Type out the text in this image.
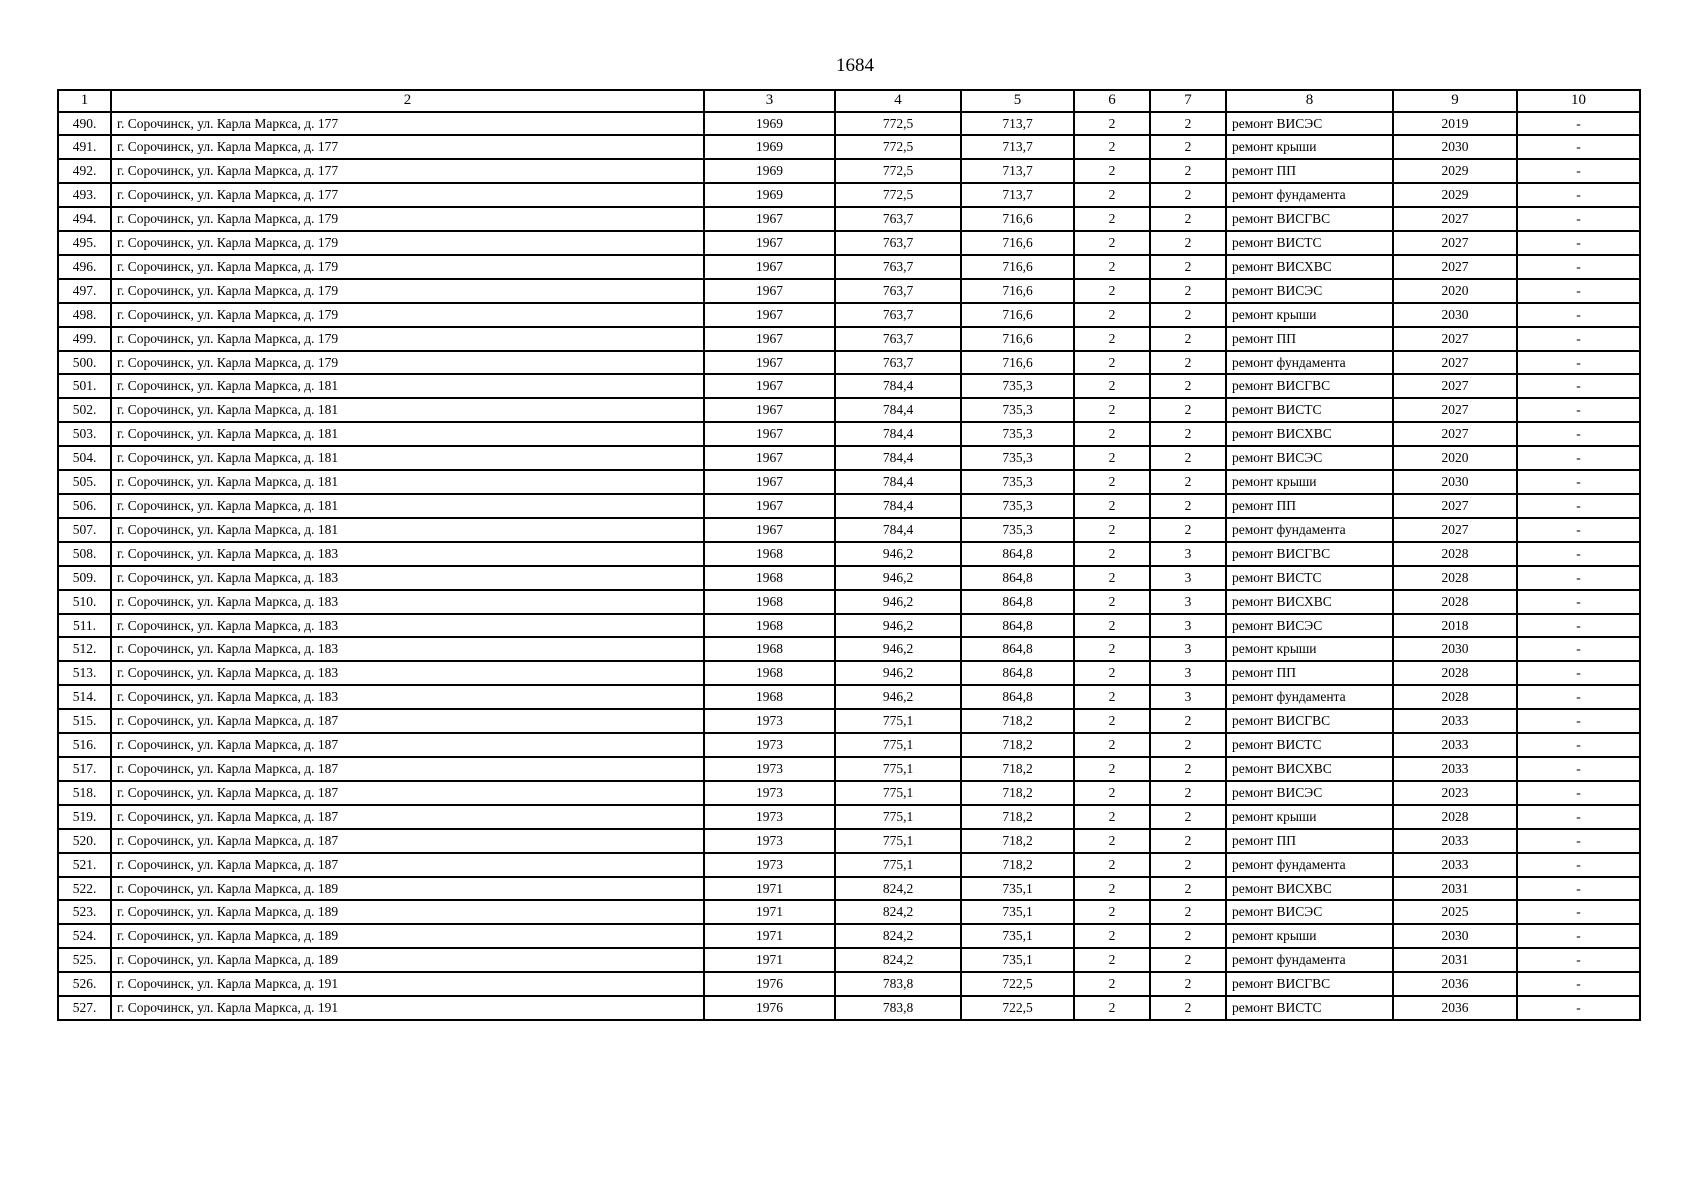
1684
1	2	3	4	5	6	7	8	9	10
490.	г. Сорочинск, ул. Карла Маркса, д. 177	1969	772,5	713,7	2	2	ремонт ВИСЭС	2019	-
491.	г. Сорочинск, ул. Карла Маркса, д. 177	1969	772,5	713,7	2	2	ремонт крыши	2030	-
492.	г. Сорочинск, ул. Карла Маркса, д. 177	1969	772,5	713,7	2	2	ремонт ПП	2029	-
493.	г. Сорочинск, ул. Карла Маркса, д. 177	1969	772,5	713,7	2	2	ремонт фундамента	2029	-
494.	г. Сорочинск, ул. Карла Маркса, д. 179	1967	763,7	716,6	2	2	ремонт ВИСГВС	2027	-
495.	г. Сорочинск, ул. Карла Маркса, д. 179	1967	763,7	716,6	2	2	ремонт ВИСТС	2027	-
496.	г. Сорочинск, ул. Карла Маркса, д. 179	1967	763,7	716,6	2	2	ремонт ВИСХВС	2027	-
497.	г. Сорочинск, ул. Карла Маркса, д. 179	1967	763,7	716,6	2	2	ремонт ВИСЭС	2020	-
498.	г. Сорочинск, ул. Карла Маркса, д. 179	1967	763,7	716,6	2	2	ремонт крыши	2030	-
499.	г. Сорочинск, ул. Карла Маркса, д. 179	1967	763,7	716,6	2	2	ремонт ПП	2027	-
500.	г. Сорочинск, ул. Карла Маркса, д. 179	1967	763,7	716,6	2	2	ремонт фундамента	2027	-
501.	г. Сорочинск, ул. Карла Маркса, д. 181	1967	784,4	735,3	2	2	ремонт ВИСГВС	2027	-
502.	г. Сорочинск, ул. Карла Маркса, д. 181	1967	784,4	735,3	2	2	ремонт ВИСТС	2027	-
503.	г. Сорочинск, ул. Карла Маркса, д. 181	1967	784,4	735,3	2	2	ремонт ВИСХВС	2027	-
504.	г. Сорочинск, ул. Карла Маркса, д. 181	1967	784,4	735,3	2	2	ремонт ВИСЭС	2020	-
505.	г. Сорочинск, ул. Карла Маркса, д. 181	1967	784,4	735,3	2	2	ремонт крыши	2030	-
506.	г. Сорочинск, ул. Карла Маркса, д. 181	1967	784,4	735,3	2	2	ремонт ПП	2027	-
507.	г. Сорочинск, ул. Карла Маркса, д. 181	1967	784,4	735,3	2	2	ремонт фундамента	2027	-
508.	г. Сорочинск, ул. Карла Маркса, д. 183	1968	946,2	864,8	2	3	ремонт ВИСГВС	2028	-
509.	г. Сорочинск, ул. Карла Маркса, д. 183	1968	946,2	864,8	2	3	ремонт ВИСТС	2028	-
510.	г. Сорочинск, ул. Карла Маркса, д. 183	1968	946,2	864,8	2	3	ремонт ВИСХВС	2028	-
511.	г. Сорочинск, ул. Карла Маркса, д. 183	1968	946,2	864,8	2	3	ремонт ВИСЭС	2018	-
512.	г. Сорочинск, ул. Карла Маркса, д. 183	1968	946,2	864,8	2	3	ремонт крыши	2030	-
513.	г. Сорочинск, ул. Карла Маркса, д. 183	1968	946,2	864,8	2	3	ремонт ПП	2028	-
514.	г. Сорочинск, ул. Карла Маркса, д. 183	1968	946,2	864,8	2	3	ремонт фундамента	2028	-
515.	г. Сорочинск, ул. Карла Маркса, д. 187	1973	775,1	718,2	2	2	ремонт ВИСГВС	2033	-
516.	г. Сорочинск, ул. Карла Маркса, д. 187	1973	775,1	718,2	2	2	ремонт ВИСТС	2033	-
517.	г. Сорочинск, ул. Карла Маркса, д. 187	1973	775,1	718,2	2	2	ремонт ВИСХВС	2033	-
518.	г. Сорочинск, ул. Карла Маркса, д. 187	1973	775,1	718,2	2	2	ремонт ВИСЭС	2023	-
519.	г. Сорочинск, ул. Карла Маркса, д. 187	1973	775,1	718,2	2	2	ремонт крыши	2028	-
520.	г. Сорочинск, ул. Карла Маркса, д. 187	1973	775,1	718,2	2	2	ремонт ПП	2033	-
521.	г. Сорочинск, ул. Карла Маркса, д. 187	1973	775,1	718,2	2	2	ремонт фундамента	2033	-
522.	г. Сорочинск, ул. Карла Маркса, д. 189	1971	824,2	735,1	2	2	ремонт ВИСХВС	2031	-
523.	г. Сорочинск, ул. Карла Маркса, д. 189	1971	824,2	735,1	2	2	ремонт ВИСЭС	2025	-
524.	г. Сорочинск, ул. Карла Маркса, д. 189	1971	824,2	735,1	2	2	ремонт крыши	2030	-
525.	г. Сорочинск, ул. Карла Маркса, д. 189	1971	824,2	735,1	2	2	ремонт фундамента	2031	-
526.	г. Сорочинск, ул. Карла Маркса, д. 191	1976	783,8	722,5	2	2	ремонт ВИСГВС	2036	-
527.	г. Сорочинск, ул. Карла Маркса, д. 191	1976	783,8	722,5	2	2	ремонт ВИСТС	2036	-
